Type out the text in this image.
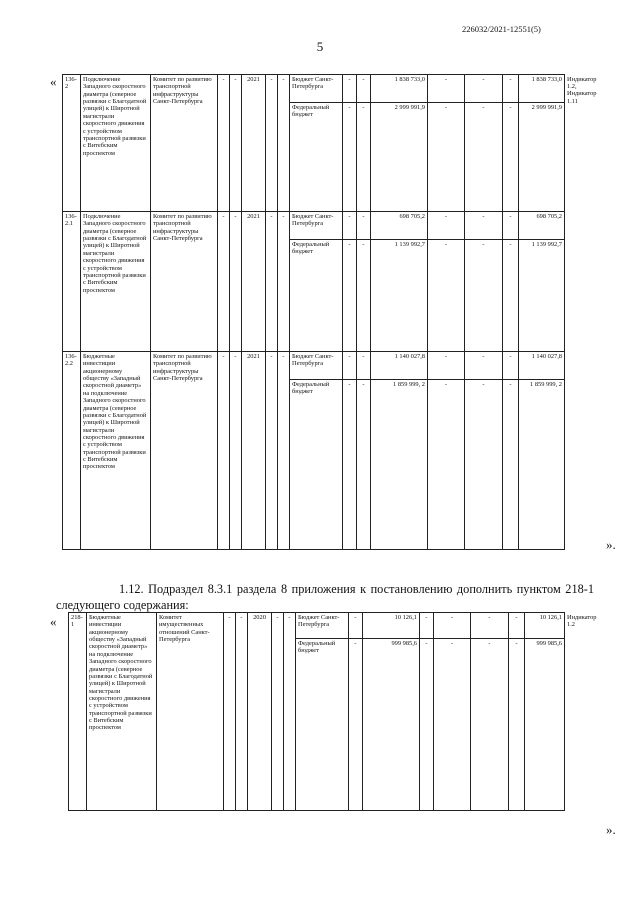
226032/2021-12551(5)
5
«
».
136-2	Подключение Западного скоростного диаметра (северное развязки с Благодатной улицей) к Широтной магистрали скоростного движения с устройством транспортной развязки с Витебским проспектом	Комитет по развитию транспортной инфраструктуры Санкт-Петербурга	-	-	2021	-	-	Бюджет Санкт-Петербурга	-	-	1 838 733,0	-	-	-	1 838 733,0	Индикатор 1.2, Индикатор 1.11
								Федеральный бюджет	-	-	2 999 991,9	-	-	-	2 999 991,9	
136-2.1	Подключение Западного скоростного диаметра (северное развязки с Благодатной улицей) к Широтной магистрали скоростного движения с устройством транспортной развязки с Витебским проспектом	Комитет по развитию транспортной инфраструктуры Санкт-Петербурга	-	-	2021	-	-	Бюджет Санкт-Петербурга	-	-	698 705,2	-	-	-	698 705,2	
								Федеральный бюджет	-	-	1 139 992,7	-	-	-	1 139 992,7	
136-2.2	Бюджетные инвестиции акционерному обществу «Западный скоростной диаметр» на подключение Западного скоростного диаметра (северное развязки с Благодатной улицей) к Широтной магистрали скоростного движения с устройством транспортной развязки с Витебским проспектом	Комитет по развитию транспортной инфраструктуры Санкт-Петербурга	-	-	2021	-	-	Бюджет Санкт-Петербурга	-	-	1 140 027,8	-	-	-	1 140 027,8	
								Федеральный бюджет	-	-	1 859 999, 2	-	-	-	1 859 999, 2	

1.12. Подраздел 8.3.1 раздела 8 приложения к постановлению дополнить пунктом 218-1 следующего содержания:

«
».
218-1	Бюджетные инвестиции акционерному обществу «Западный скоростной диаметр» на подключение Западного скоростного диаметра (северное развязки с Благодатной улицей) к Широтной магистрали скоростного движения с устройством транспортной развязки с Витебским проспектом	Комитет имущественных отношений Санкт-Петербурга	-	-	2020	-	-	Бюджет Санкт-Петербурга	-	10 126,1	-	-	-	-	10 126,1	Индикатор 1.2
								Федеральный бюджет	-	999 985,6	-	-	-	-	999 985,6	
